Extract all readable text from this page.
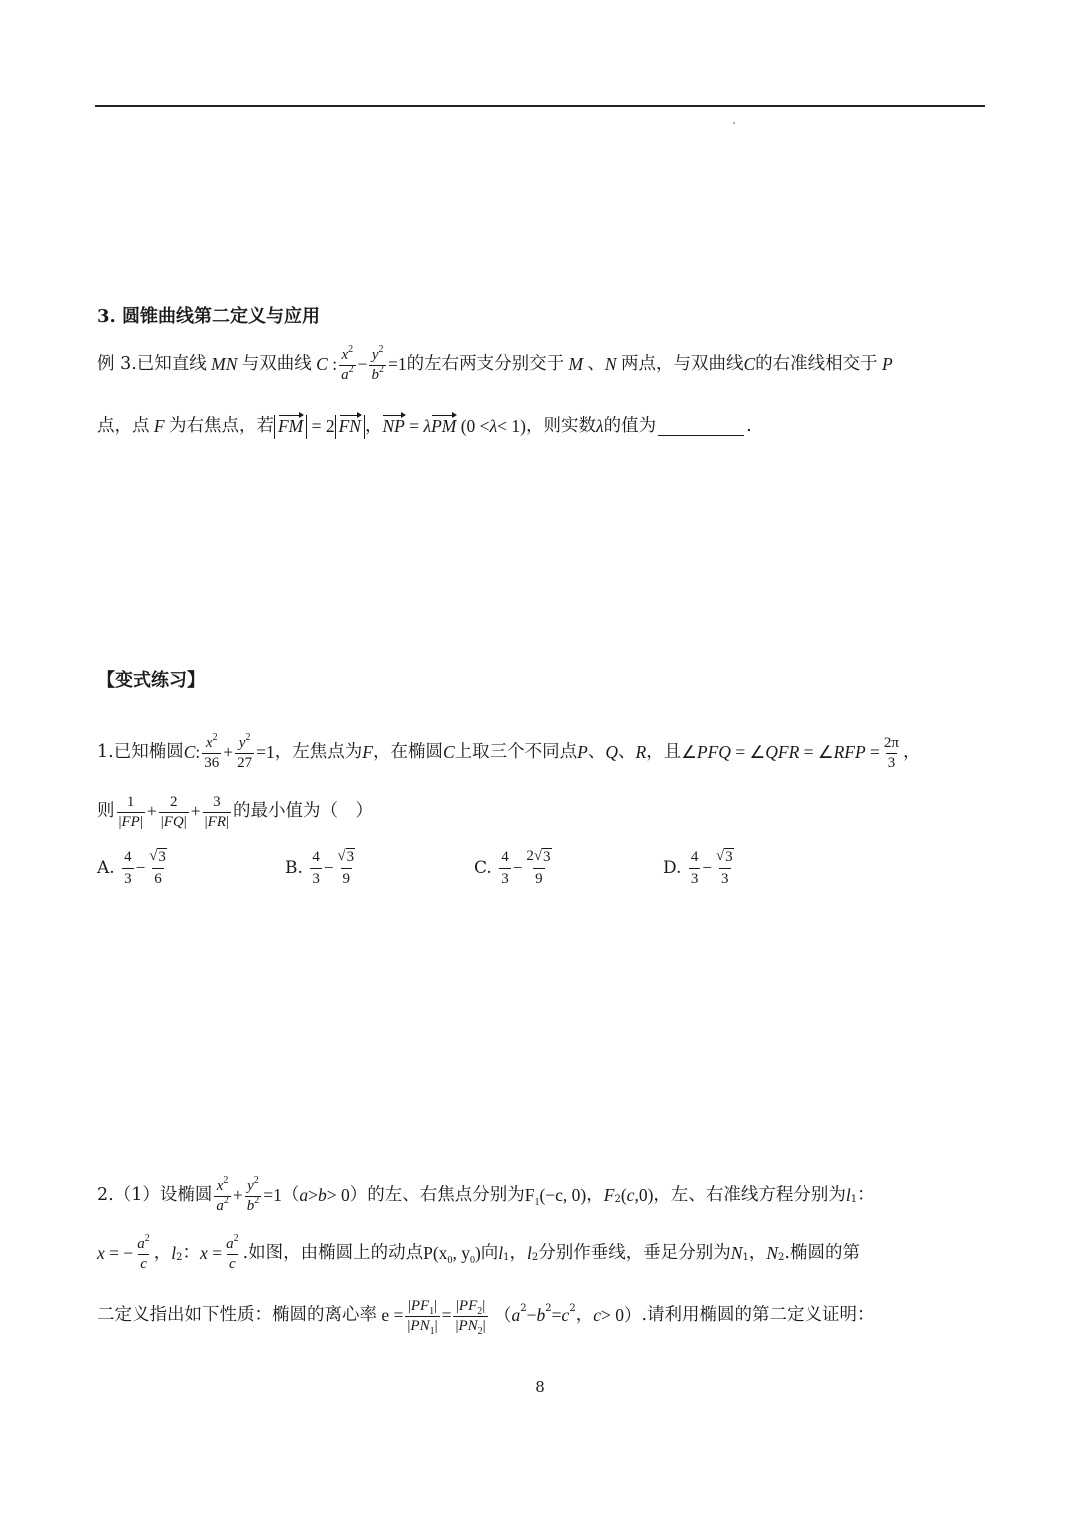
3. 圆锥曲线第二定义与应用
例 3. 已知直线 MN 与双曲线 C : $\frac{x^2}{a^2} - \frac{y^2}{b^2} =1$ 的左右两支分别交于 M 、 N 两点，与双曲线 C 的右准线相交于 P
点，点 F 为右焦点，若 FM = 2 FN ， NP = λ PM (0 < λ < 1) ，则实数 λ 的值为	.
【变式练习】
1. 已知椭圆 C : $\frac{x^2}{36} + \frac{y^2}{27} =1$ ，左焦点为 F ，在椭圆 C 上取三个不同点 P 、 Q 、 R ，且 ∠ PFQ = ∠ QFR = ∠ RFP = $\frac{2\pi}{3}$ ，
则 $\frac{1}{|FP|} + \frac{2}{|FQ|} + \frac{3}{|FR|}$ 的最小值为（　）
A.
$\frac{4}{3} - \frac{√ 3}{6}$	B.
$\frac{4}{3} - \frac{√ 3}{9}$	C.
$\frac{4}{3} - \frac{2√ 3}{9}$	D.
$\frac{4}{3} - \frac{√ 3}{3}$
2. （1）设椭圆 $\frac{x^2}{a^2} + \frac{y^2}{b^2} =1$ （ a > b > 0 ）的左、右焦点分别为 $F_1(-c$, 0) ， F 2 ( c ,0) ，左、右准线方程分别为 l 1 ：
x = − $\frac{a^2}{c}$ ， l 2 ： $x = \frac{a^2}{c}$ .如图，由椭圆上的动点 $P(x_0$, $y_0$) 向 l 1 ， l 2 分别作垂线，垂足分别为 N 1 ， N 2 .椭圆的第
二定义指出如下性质：椭圆的离心率 $e = \frac{|PF_1|}{|PN_1|} = \frac{|PF_2|}{|PN_2|}$ （ a 2 − b 2 = c 2 ， c > 0） .请利用椭圆的第二定义证明：
8
